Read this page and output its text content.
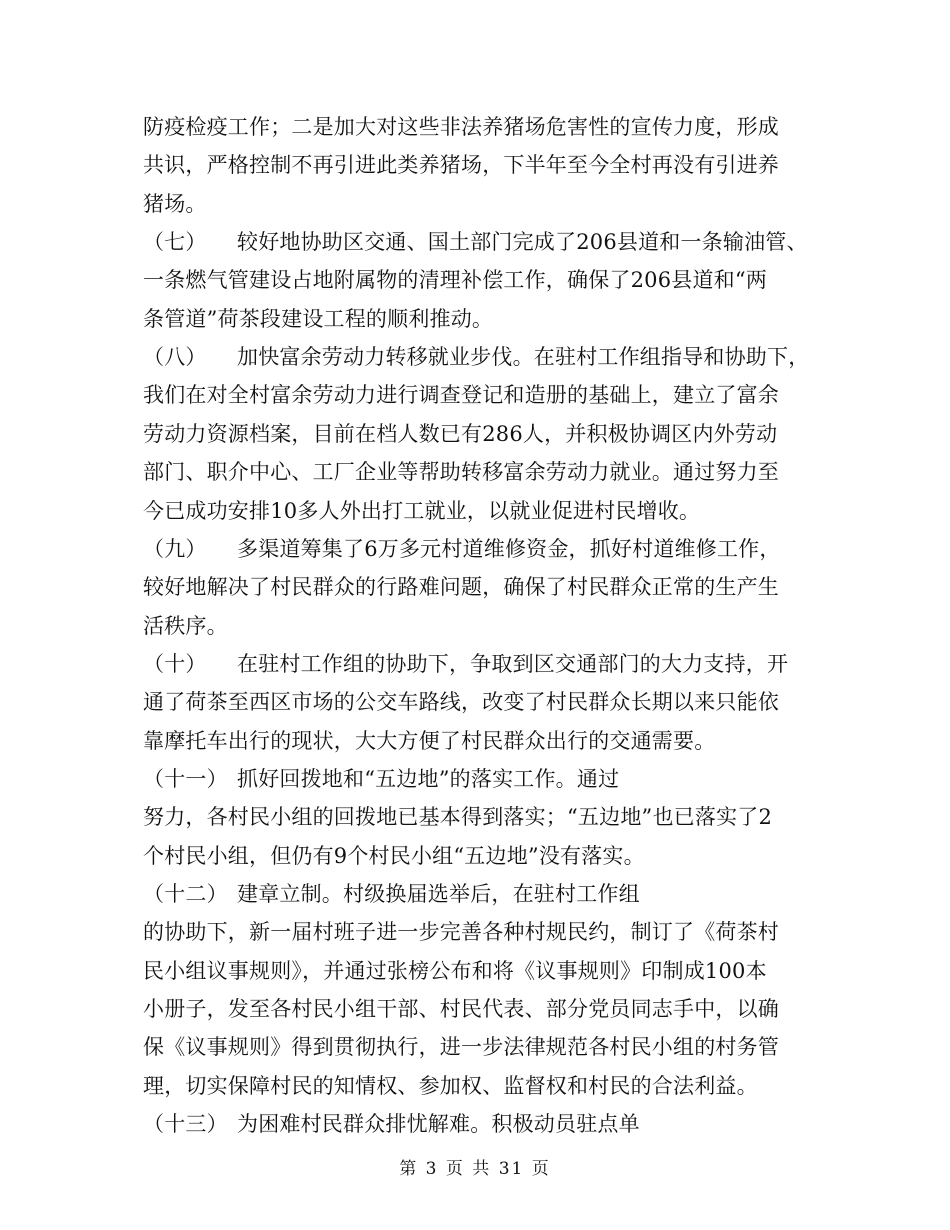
防疫检疫工作；二是加大对这些非法养猪场危害性的宣传力度，形成
共识，严格控制不再引进此类养猪场，下半年至今全村再没有引进养
猪场。
（七） 较好地协助区交通、国土部门完成了206县道和一条输油管、
一条燃气管建设占地附属物的清理补偿工作，确保了206县道和“两
条管道”荷茶段建设工程的顺利推动。
（八） 加快富余劳动力转移就业步伐。在驻村工作组指导和协助下，
我们在对全村富余劳动力进行调查登记和造册的基础上，建立了富余
劳动力资源档案，目前在档人数已有286人，并积极协调区内外劳动
部门、职介中心、工厂企业等帮助转移富余劳动力就业。通过努力至
今已成功安排10多人外出打工就业，以就业促进村民增收。
（九） 多渠道筹集了6万多元村道维修资金，抓好村道维修工作，
较好地解决了村民群众的行路难问题，确保了村民群众正常的生产生
活秩序。
（十） 在驻村工作组的协助下，争取到区交通部门的大力支持，开
通了荷茶至西区市场的公交车路线，改变了村民群众长期以来只能依
靠摩托车出行的现状，大大方便了村民群众出行的交通需要。
（十一） 抓好回拨地和“五边地”的落实工作。通过
努力，各村民小组的回拨地已基本得到落实；“五边地”也已落实了2
个村民小组，但仍有9个村民小组“五边地”没有落实。
（十二） 建章立制。村级换届选举后，在驻村工作组
的协助下，新一届村班子进一步完善各种村规民约，制订了《荷茶村
民小组议事规则》，并通过张榜公布和将《议事规则》印制成100本
小册子，发至各村民小组干部、村民代表、部分党员同志手中，以确
保《议事规则》得到贯彻执行，进一步法律规范各村民小组的村务管
理，切实保障村民的知情权、参加权、监督权和村民的合法利益。
（十三） 为困难村民群众排忧解难。积极动员驻点单
第 3 页 共 31 页
